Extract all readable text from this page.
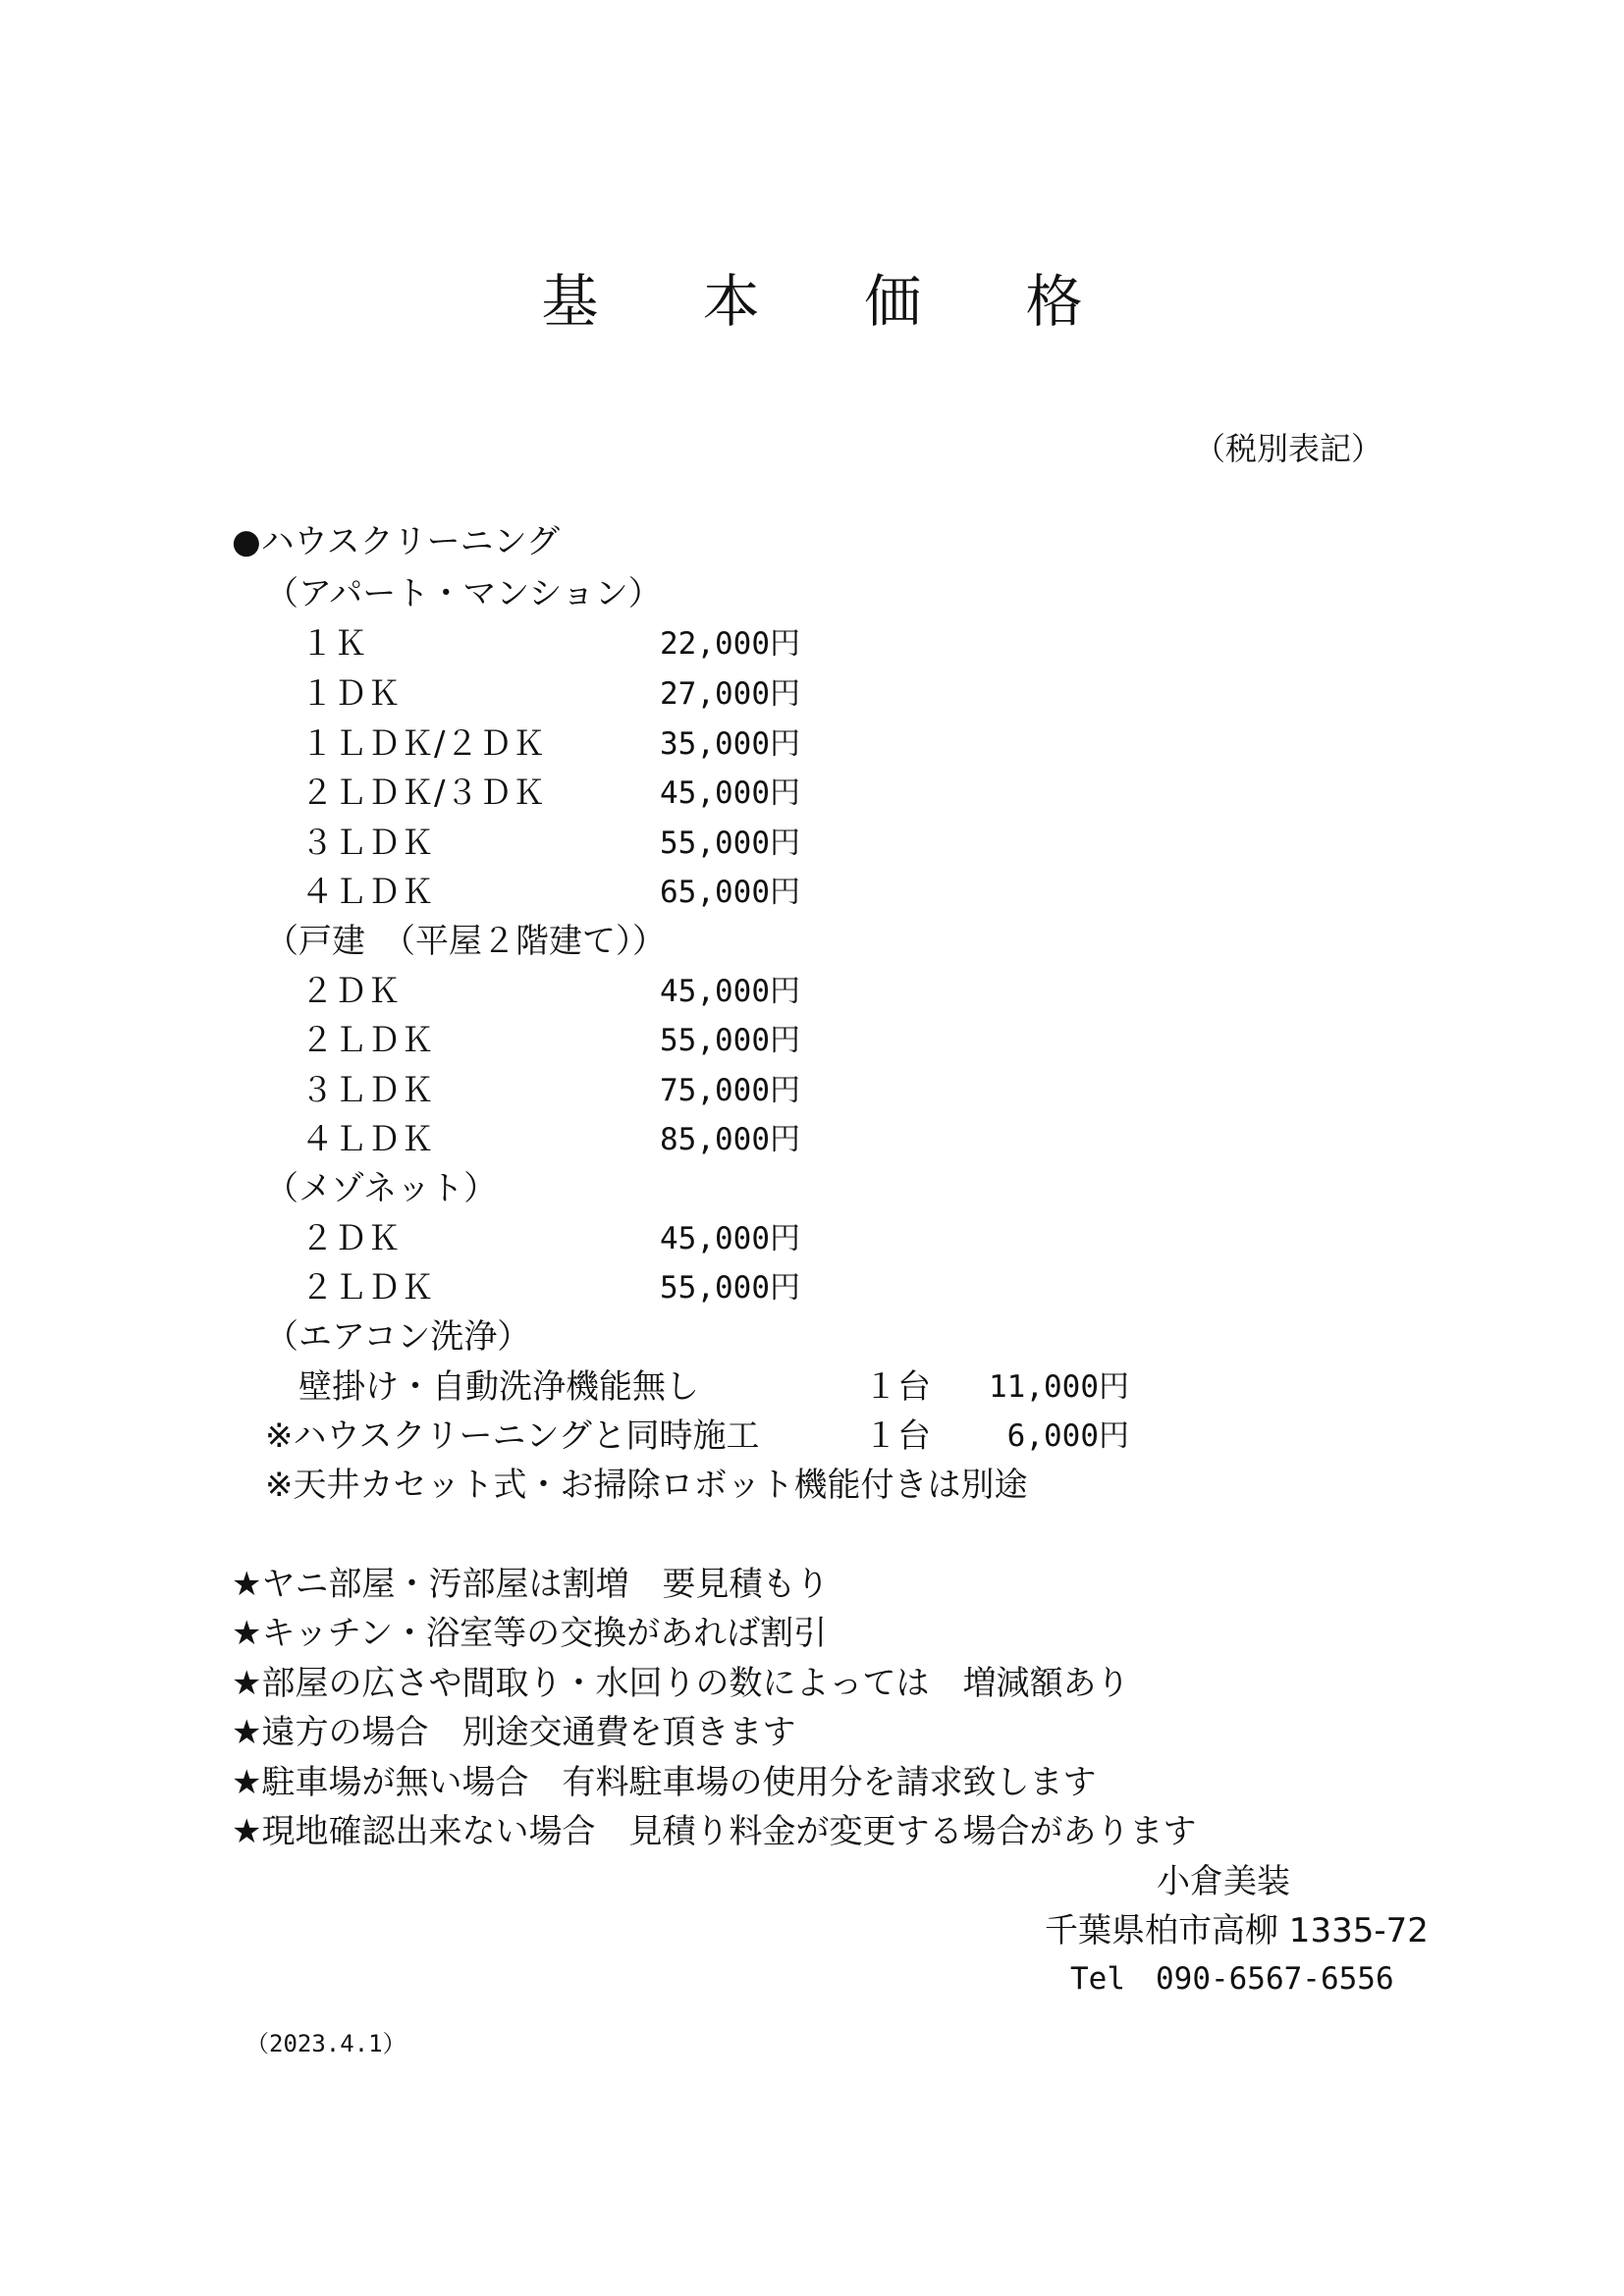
基 本 価 格
（税別表記）
●ハウスクリーニング
（アパート・マンション）
１Ｋ	22,000円
１ＤＫ	27,000円
１ＬＤＫ/２ＤＫ	35,000円
２ＬＤＫ/３ＤＫ	45,000円
３ＬＤＫ	55,000円
４ＬＤＫ	65,000円
（戸建　（平屋２階建て））
２ＤＫ	45,000円
２ＬＤＫ	55,000円
３ＬＤＫ	75,000円
４ＬＤＫ	85,000円
（メゾネット）
２ＤＫ	45,000円
２ＬＤＫ	55,000円
（エアコン洗浄）
壁掛け・自動洗浄機能無し	１台	11,000円
※ハウスクリーニングと同時施工	１台	6,000円
※天井カセット式・お掃除ロボット機能付きは別途
★ヤニ部屋・汚部屋は割増　要見積もり
★キッチン・浴室等の交換があれば割引
★部屋の広さや間取り・水回りの数によっては　増減額あり
★遠方の場合　別途交通費を頂きます
★駐車場が無い場合　有料駐車場の使用分を請求致します
★現地確認出来ない場合　見積り料金が変更する場合があります
小倉美装
千葉県柏市高柳 1335-72
Tel　090-6567-6556
（2023.4.1）
